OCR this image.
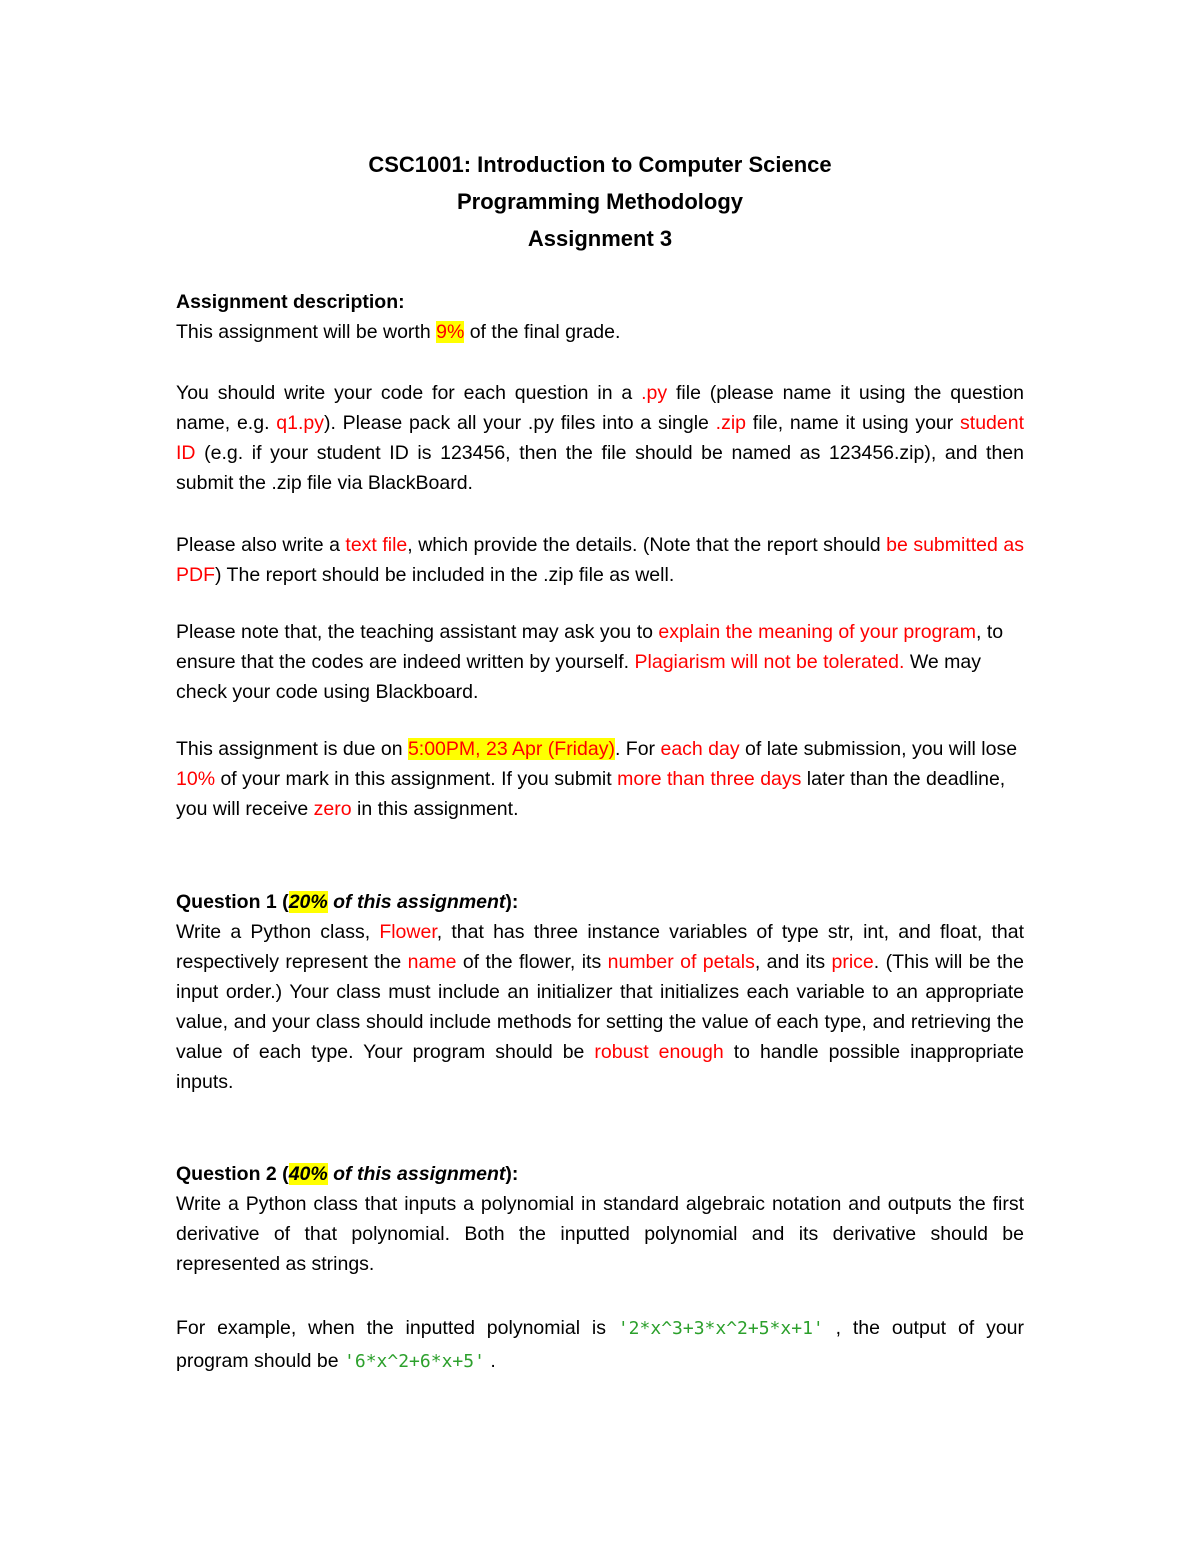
CSC1001: Introduction to Computer Science
Programming Methodology
Assignment 3
Assignment description:
This assignment will be worth 9% of the final grade.
You should write your code for each question in a .py file (please name it using the question name, e.g. q1.py). Please pack all your .py files into a single .zip file, name it using your student ID (e.g. if your student ID is 123456, then the file should be named as 123456.zip), and then submit the .zip file via BlackBoard.
Please also write a text file, which provide the details. (Note that the report should be submitted as PDF) The report should be included in the .zip file as well.
Please note that, the teaching assistant may ask you to explain the meaning of your program, to ensure that the codes are indeed written by yourself. Plagiarism will not be tolerated. We may check your code using Blackboard.
This assignment is due on 5:00PM, 23 Apr (Friday). For each day of late submission, you will lose 10% of your mark in this assignment. If you submit more than three days later than the deadline, you will receive zero in this assignment.
Question 1 (20% of this assignment):
Write a Python class, Flower, that has three instance variables of type str, int, and float, that respectively represent the name of the flower, its number of petals, and its price. (This will be the input order.) Your class must include an initializer that initializes each variable to an appropriate value, and your class should include methods for setting the value of each type, and retrieving the value of each type. Your program should be robust enough to handle possible inappropriate inputs.
Question 2 (40% of this assignment):
Write a Python class that inputs a polynomial in standard algebraic notation and outputs the first derivative of that polynomial. Both the inputted polynomial and its derivative should be represented as strings.
For example, when the inputted polynomial is '2*x^3+3*x^2+5*x+1' , the output of your program should be '6*x^2+6*x+5' .
